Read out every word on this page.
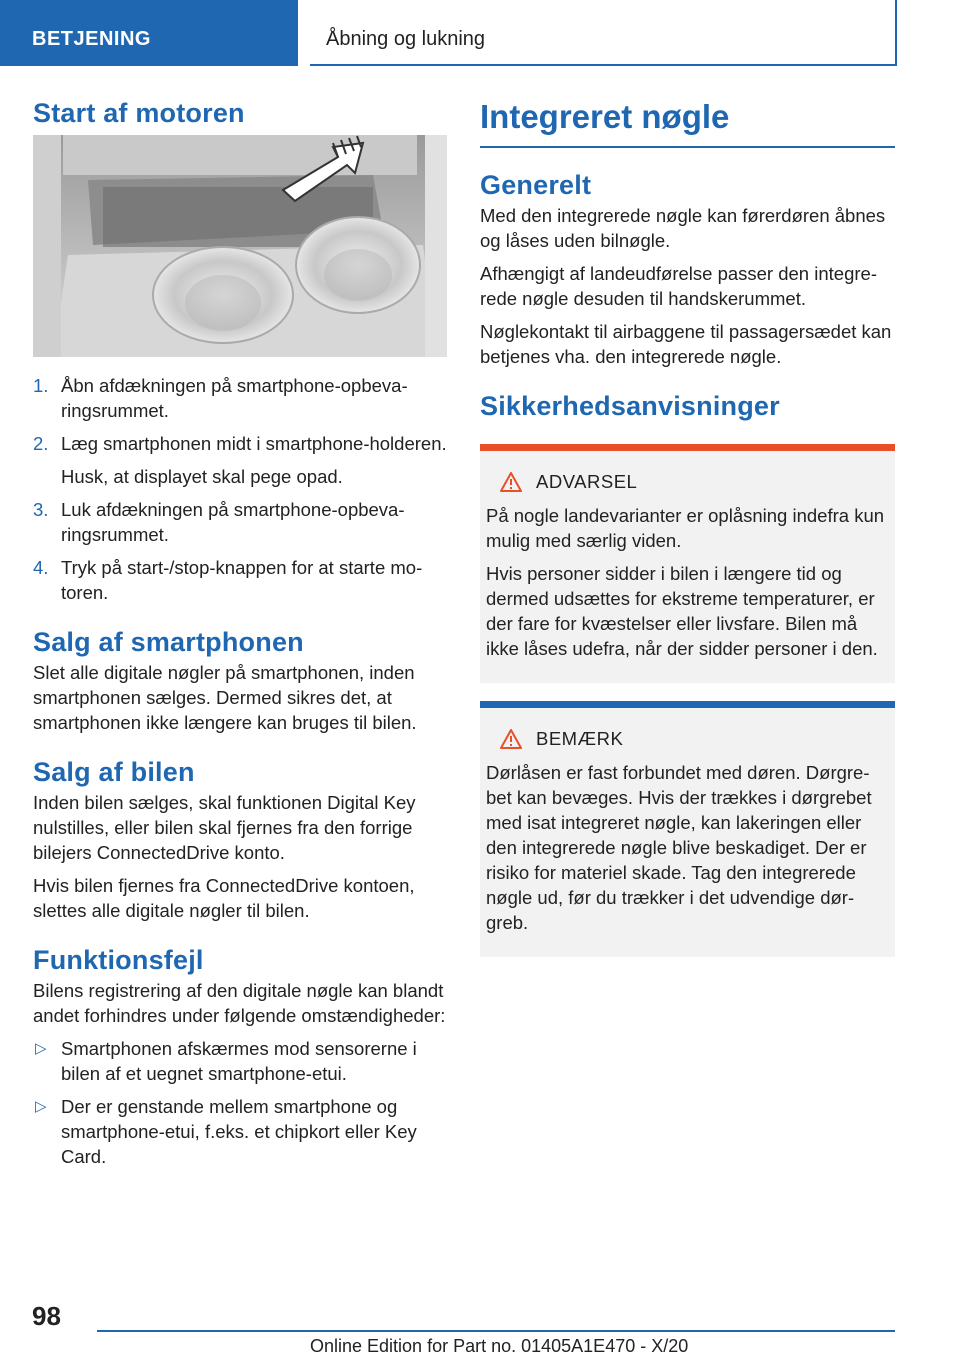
BETJENING	Åbning og lukning
Start af motoren
1. Åbn afdækningen på smartphone-opbevaringsrummet.
2. Læg smartphonen midt i smartphone-holderen.
Husk, at displayet skal pege opad.
3. Luk afdækningen på smartphone-opbevaringsrummet.
4. Tryk på start-/stop-knappen for at starte motoren.
Salg af smartphonen

Slet alle digitale nøgler på smartphonen, inden smartphonen sælges. Dermed sikres det, at smartphonen ikke længere kan bruges til bilen.

Salg af bilen

Inden bilen sælges, skal funktionen Digital Key nulstilles, eller bilen skal fjernes fra den forrige bilejers ConnectedDrive konto.

Hvis bilen fjernes fra ConnectedDrive kontoen, slettes alle digitale nøgler til bilen.

Funktionsfejl

Bilens registrering af den digitale nøgle kan blandt andet forhindres under følgende omstændigheder:

▷ Smartphonen afskærmes mod sensorerne i bilen af et uegnet smartphone-etui.
▷ Der er genstande mellem smartphone og smartphone-etui, f.eks. et chipkort eller Key Card.
Integreret nøgle
Generelt

Med den integrerede nøgle kan førerdøren åbnes og låses uden bilnøgle.

Afhængigt af landeudførelse passer den integrerede nøgle desuden til handskerummet.

Nøglekontakt til airbaggene til passagersædet kan betjenes vha. den integrerede nøgle.

Sikkerhedsanvisninger
ADVARSEL

På nogle landevarianter er oplåsning indefra kun mulig med særlig viden.

Hvis personer sidder i bilen i længere tid og dermed udsættes for ekstreme temperaturer, er der fare for kvæstelser eller livsfare. Bilen må ikke låses udefra, når der sidder personer i den.

BEMÆRK

Dørlåsen er fast forbundet med døren. Dørgrebet kan bevæges. Hvis der trækkes i dørgrebet med isat integreret nøgle, kan lakeringen eller den integrerede nøgle blive beskadiget. Der er risiko for materiel skade. Tag den integrerede nøgle ud, før du trækker i det udvendige dørgreb.

98
Online Edition for Part no. 01405A1E470 - X/20
